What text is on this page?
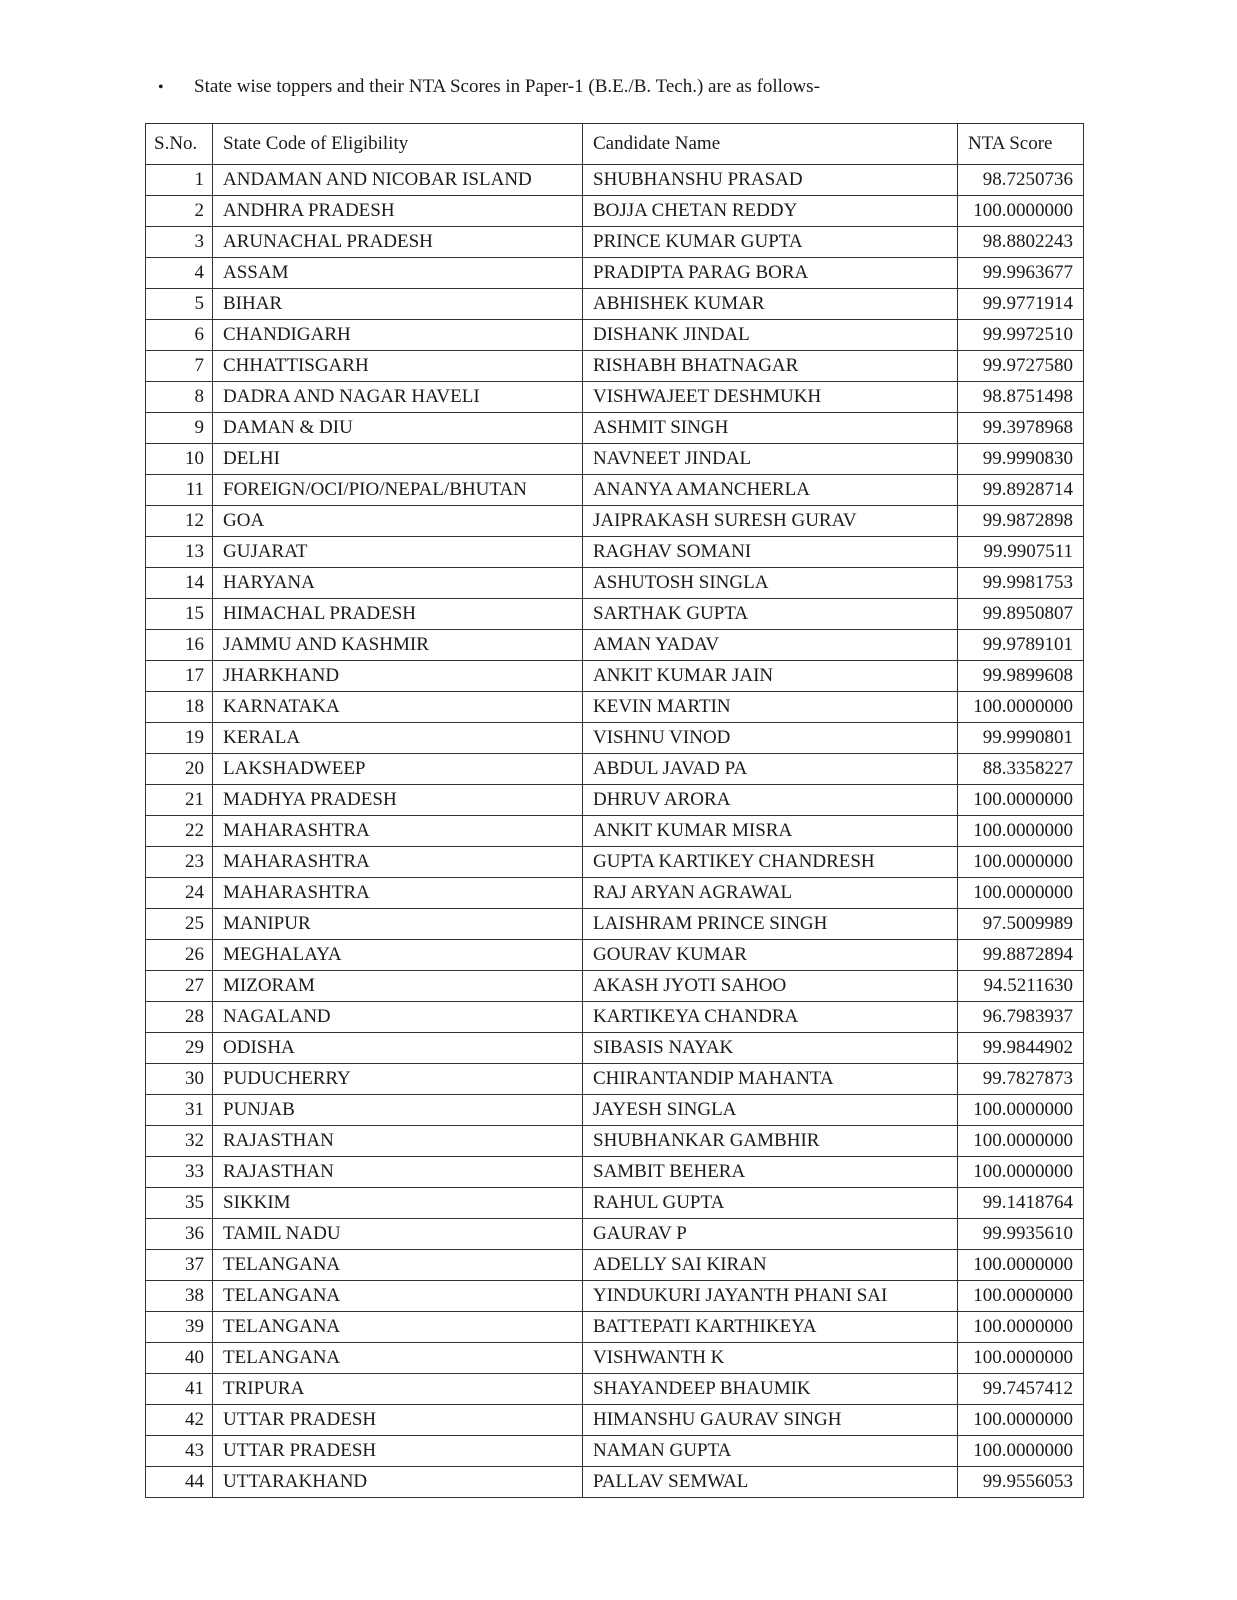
• State wise toppers and their NTA Scores in Paper-1 (B.E./B. Tech.) are as follows-
S.No.	State Code of Eligibility	Candidate Name	NTA Score
1	ANDAMAN AND NICOBAR ISLAND	SHUBHANSHU PRASAD	98.7250736
2	ANDHRA PRADESH	BOJJA CHETAN REDDY	100.0000000
3	ARUNACHAL PRADESH	PRINCE KUMAR GUPTA	98.8802243
4	ASSAM	PRADIPTA PARAG BORA	99.9963677
5	BIHAR	ABHISHEK KUMAR	99.9771914
6	CHANDIGARH	DISHANK JINDAL	99.9972510
7	CHHATTISGARH	RISHABH BHATNAGAR	99.9727580
8	DADRA AND NAGAR HAVELI	VISHWAJEET DESHMUKH	98.8751498
9	DAMAN & DIU	ASHMIT SINGH	99.3978968
10	DELHI	NAVNEET JINDAL	99.9990830
11	FOREIGN/OCI/PIO/NEPAL/BHUTAN	ANANYA AMANCHERLA	99.8928714
12	GOA	JAIPRAKASH SURESH GURAV	99.9872898
13	GUJARAT	RAGHAV SOMANI	99.9907511
14	HARYANA	ASHUTOSH SINGLA	99.9981753
15	HIMACHAL PRADESH	SARTHAK GUPTA	99.8950807
16	JAMMU AND KASHMIR	AMAN YADAV	99.9789101
17	JHARKHAND	ANKIT KUMAR JAIN	99.9899608
18	KARNATAKA	KEVIN MARTIN	100.0000000
19	KERALA	VISHNU VINOD	99.9990801
20	LAKSHADWEEP	ABDUL JAVAD PA	88.3358227
21	MADHYA PRADESH	DHRUV ARORA	100.0000000
22	MAHARASHTRA	ANKIT KUMAR MISRA	100.0000000
23	MAHARASHTRA	GUPTA KARTIKEY CHANDRESH	100.0000000
24	MAHARASHTRA	RAJ ARYAN AGRAWAL	100.0000000
25	MANIPUR	LAISHRAM PRINCE SINGH	97.5009989
26	MEGHALAYA	GOURAV KUMAR	99.8872894
27	MIZORAM	AKASH JYOTI SAHOO	94.5211630
28	NAGALAND	KARTIKEYA CHANDRA	96.7983937
29	ODISHA	SIBASIS NAYAK	99.9844902
30	PUDUCHERRY	CHIRANTANDIP MAHANTA	99.7827873
31	PUNJAB	JAYESH SINGLA	100.0000000
32	RAJASTHAN	SHUBHANKAR GAMBHIR	100.0000000
33	RAJASTHAN	SAMBIT BEHERA	100.0000000
35	SIKKIM	RAHUL GUPTA	99.1418764
36	TAMIL NADU	GAURAV P	99.9935610
37	TELANGANA	ADELLY SAI KIRAN	100.0000000
38	TELANGANA	YINDUKURI JAYANTH PHANI SAI	100.0000000
39	TELANGANA	BATTEPATI KARTHIKEYA	100.0000000
40	TELANGANA	VISHWANTH K	100.0000000
41	TRIPURA	SHAYANDEEP BHAUMIK	99.7457412
42	UTTAR PRADESH	HIMANSHU GAURAV SINGH	100.0000000
43	UTTAR PRADESH	NAMAN GUPTA	100.0000000
44	UTTARAKHAND	PALLAV SEMWAL	99.9556053
